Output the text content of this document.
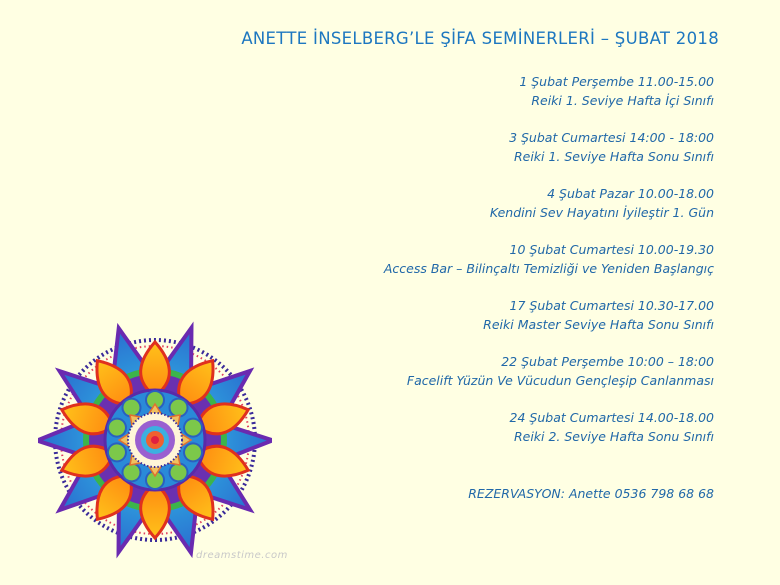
ANETTE İNSELBERG’LE ŞİFA SEMİNERLERİ – ŞUBAT 2018
1 Şubat Perşembe 11.00-15.00
Reiki 1. Seviye Hafta İçi Sınıfı
3 Şubat Cumartesi 14:00 - 18:00
Reiki 1. Seviye Hafta Sonu Sınıfı
4 Şubat Pazar 10.00-18.00
Kendini Sev Hayatını İyileştir 1. Gün
10 Şubat Cumartesi 10.00-19.30
Access Bar – Bilinçaltı Temizliği ve Yeniden Başlangıç
17 Şubat Cumartesi 10.30-17.00
Reiki Master Seviye Hafta Sonu Sınıfı
22 Şubat Perşembe 10:00 – 18:00
Facelift Yüzün Ve Vücudun Gençleşip Canlanması
24 Şubat Cumartesi 14.00-18.00
Reiki 2. Seviye Hafta Sonu Sınıfı
REZERVASYON: Anette 0536 798 68 68
dreamstime.com
